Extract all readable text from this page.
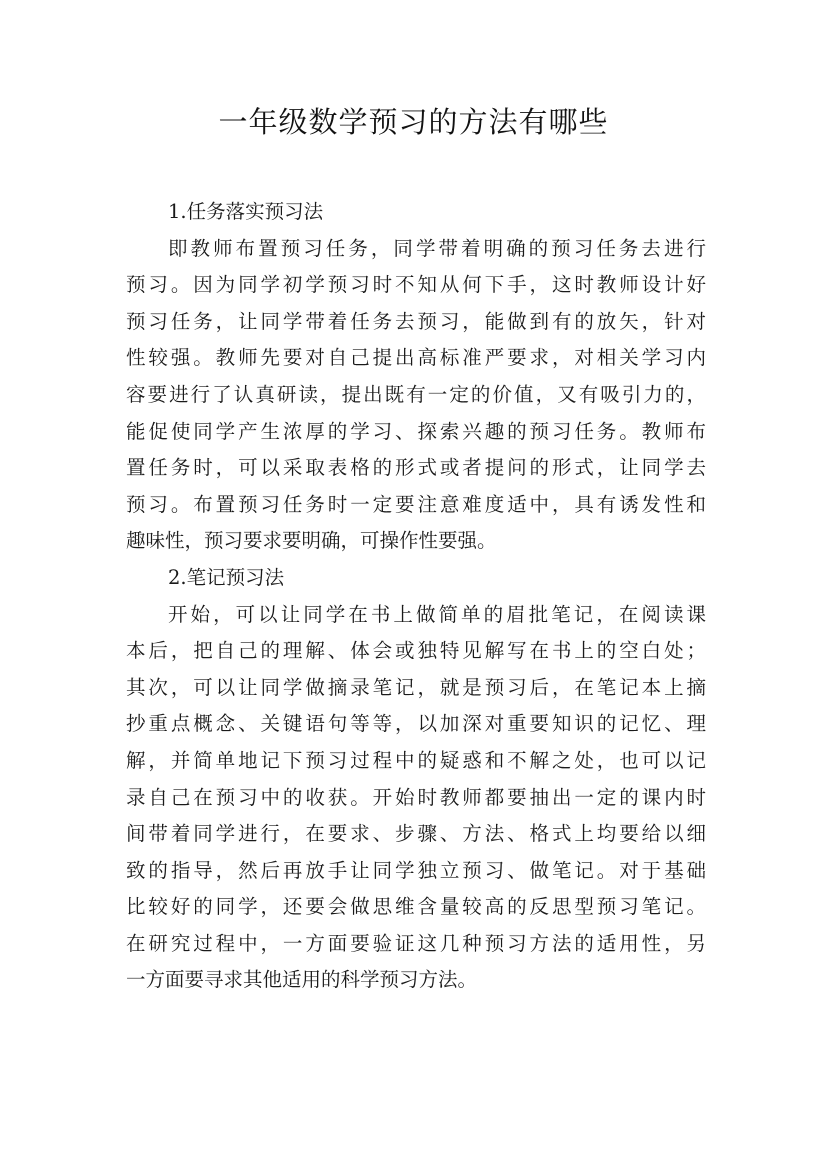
一年级数学预习的方法有哪些
1.任务落实预习法
即教师布置预习任务，同学带着明确的预习任务去进行
预习。因为同学初学预习时不知从何下手，这时教师设计好
预习任务，让同学带着任务去预习，能做到有的放矢，针对
性较强。教师先要对自己提出高标准严要求，对相关学习内
容要进行了认真研读，提出既有一定的价值，又有吸引力的，
能促使同学产生浓厚的学习、探索兴趣的预习任务。教师布
置任务时，可以采取表格的形式或者提问的形式，让同学去
预习。布置预习任务时一定要注意难度适中，具有诱发性和
趣味性，预习要求要明确，可操作性要强。
2.笔记预习法
开始，可以让同学在书上做简单的眉批笔记，在阅读课
本后，把自己的理解、体会或独特见解写在书上的空白处；
其次，可以让同学做摘录笔记，就是预习后，在笔记本上摘
抄重点概念、关键语句等等，以加深对重要知识的记忆、理
解，并简单地记下预习过程中的疑惑和不解之处，也可以记
录自己在预习中的收获。开始时教师都要抽出一定的课内时
间带着同学进行，在要求、步骤、方法、格式上均要给以细
致的指导，然后再放手让同学独立预习、做笔记。对于基础
比较好的同学，还要会做思维含量较高的反思型预习笔记。
在研究过程中，一方面要验证这几种预习方法的适用性，另
一方面要寻求其他适用的科学预习方法。
